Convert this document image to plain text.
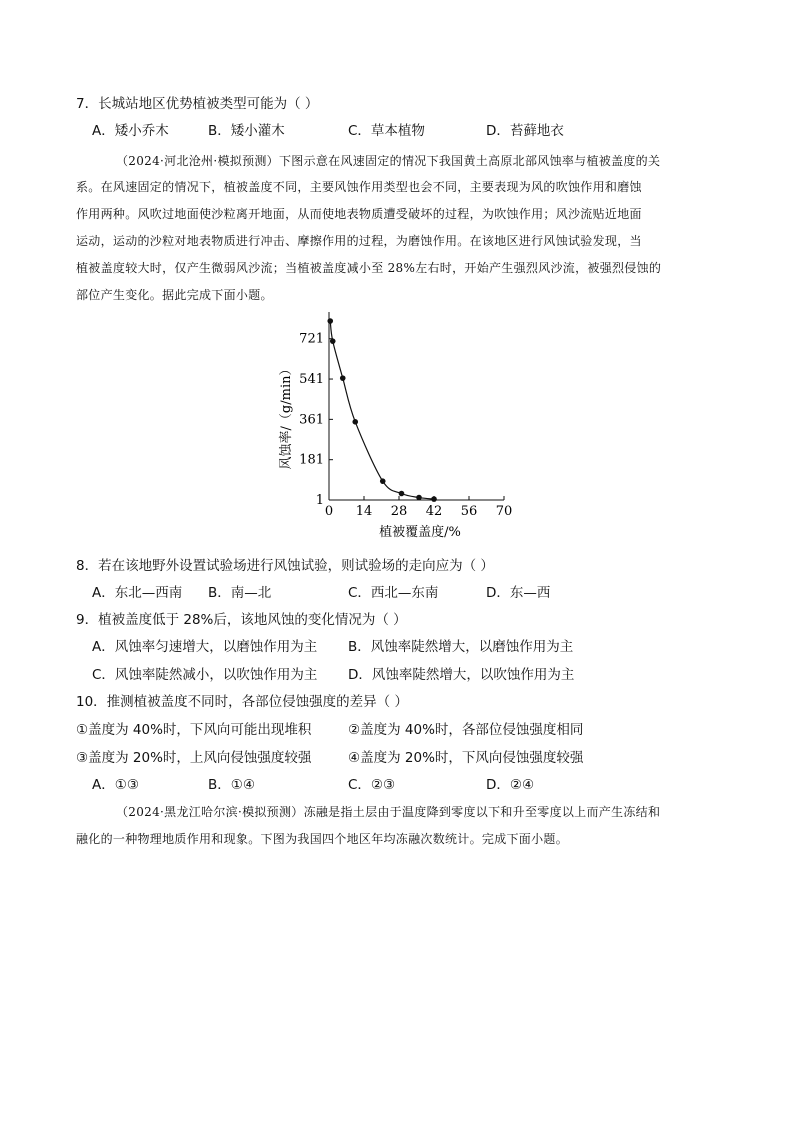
7．长城站地区优势植被类型可能为（ ）
A．矮小乔木	B．矮小灌木	C．草本植物	D．苔藓地衣
（2024·河北沧州·模拟预测）下图示意在风速固定的情况下我国黄土高原北部风蚀率与植被盖度的关
系。在风速固定的情况下，植被盖度不同，主要风蚀作用类型也会不同，主要表现为风的吹蚀作用和磨蚀
作用两种。风吹过地面使沙粒离开地面，从而使地表物质遭受破坏的过程，为吹蚀作用；风沙流贴近地面
运动，运动的沙粒对地表物质进行冲击、摩擦作用的过程，为磨蚀作用。在该地区进行风蚀试验发现，当
植被盖度较大时，仅产生微弱风沙流；当植被盖度减小至 28%左右时，开始产生强烈风沙流，被强烈侵蚀的
部位产生变化。据此完成下面小题。
0 14 28 42 56 70
1
181
361
541
721
风蚀率/（g/min）
植被覆盖度/%
8．若在该地野外设置试验场进行风蚀试验，则试验场的走向应为（ ）
A．东北—西南 B．南—北	C．西北—东南	D．东—西
9．植被盖度低于 28%后，该地风蚀的变化情况为（ ）
A．风蚀率匀速增大，以磨蚀作用为主 B．风蚀率陡然增大，以磨蚀作用为主
C．风蚀率陡然减小，以吹蚀作用为主 D．风蚀率陡然增大，以吹蚀作用为主
10．推测植被盖度不同时，各部位侵蚀强度的差异（ ）
①盖度为 40%时，下风向可能出现堆积	②盖度为 40%时，各部位侵蚀强度相同
③盖度为 20%时，上风向侵蚀强度较强	④盖度为 20%时，下风向侵蚀强度较强
A．①③	B．①④	C．②③	D．②④
（2024·黑龙江哈尔滨·模拟预测）冻融是指土层由于温度降到零度以下和升至零度以上而产生冻结和
融化的一种物理地质作用和现象。下图为我国四个地区年均冻融次数统计。完成下面小题。
